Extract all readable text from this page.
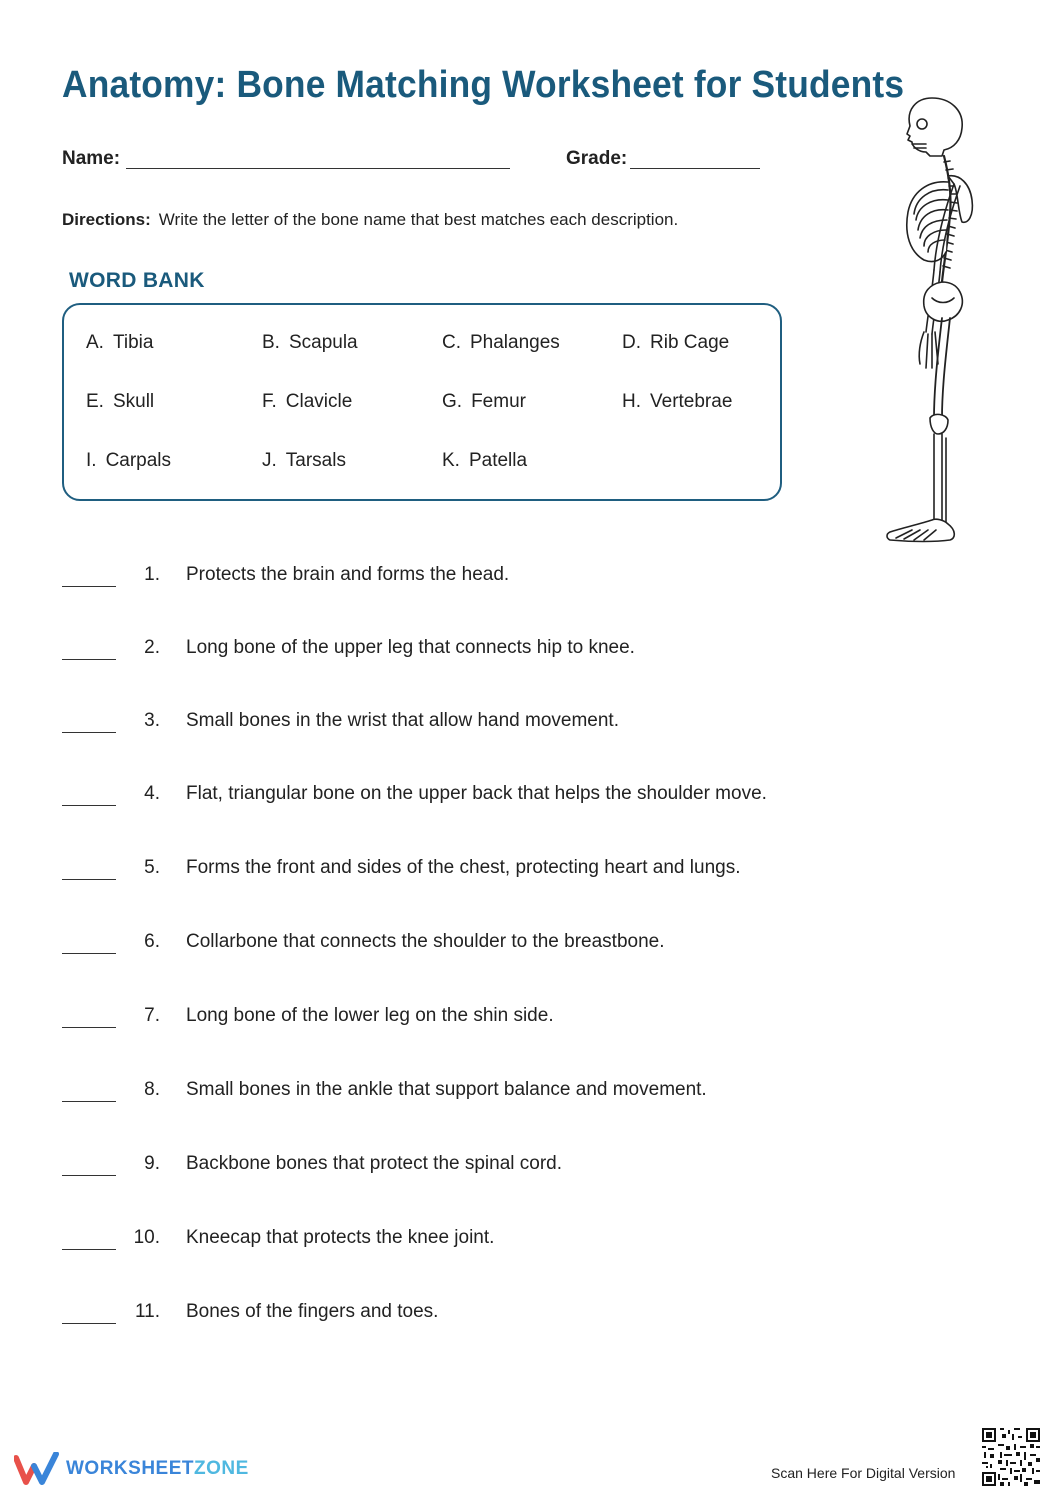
Anatomy: Bone Matching Worksheet for Students
Name:	Grade:
Directions: Write the letter of the bone name that best matches each description.
WORD BANK
A. Tibia	B. Scapula	C. Phalanges	D. Rib Cage
E. Skull	F. Clavicle	G. Femur	H. Vertebrae
I. Carpals	J. Tarsals	K. Patella
1. Protects the brain and forms the head.
2. Long bone of the upper leg that connects hip to knee.
3. Small bones in the wrist that allow hand movement.
4. Flat, triangular bone on the upper back that helps the shoulder move.
5. Forms the front and sides of the chest, protecting heart and lungs.
6. Collarbone that connects the shoulder to the breastbone.
7. Long bone of the lower leg on the shin side.
8. Small bones in the ankle that support balance and movement.
9. Backbone bones that protect the spinal cord.
10. Kneecap that protects the knee joint.
11. Bones of the fingers and toes.
WORKSHEETZONE	Scan Here For Digital Version
